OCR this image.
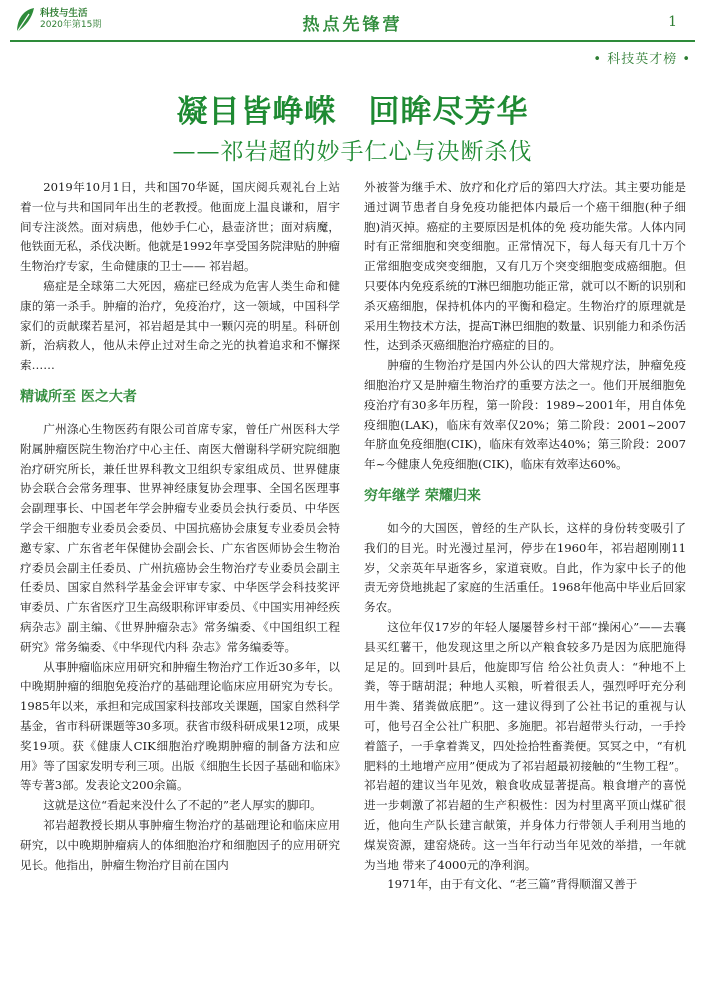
科技与生活
2020年第15期	热点先锋营	1
• 科技英才榜 •
凝目皆峥嵘　回眸尽芳华
——祁岩超的妙手仁心与决断杀伐

2019年10月1日，共和国70华诞，国庆阅兵观礼台上站着一位与共和国同年出生的老教授。他面庞上温良谦和，眉宇间专注淡然。面对病患，他妙手仁心，悬壶济世；面对病魔，他铁面无私，杀伐决断。他就是1992年享受国务院津贴的肿瘤生物治疗专家，生命健康的卫士—— 祁岩超。

癌症是全球第二大死因，癌症已经成为危害人类生命和健康的第一杀手。肿瘤的治疗，免疫治疗，这一领域，中国科学家们的贡献璨若星河，祁岩超是其中一颗闪亮的明星。科研创新，治病救人，他从未停止过对生命之光的执着追求和不懈探索……

精诚所至 医之大者

广州涤心生物医药有限公司首席专家，曾任广州医科大学附属肿瘤医院生物治疗中心主任、南医大僧谢科学研究院细胞治疗研究所长，兼任世界科教文卫组织专家组成员、世界健康协会联合会常务理事、世界神经康复协会理事、全国名医理事会副理事长、中国老年学会肿瘤专业委员会执行委员、中华医学会干细胞专业委员会委员、中国抗癌协会康复专业委员会特邀专家、广东省老年保健协会副会长、广东省医师协会生物治疗委员会副主任委员、广州抗癌协会生物治疗专业委员会副主任委员、国家自然科学基金会评审专家、中华医学会科技奖评审委员、广东省医疗卫生高级职称评审委员、《中国实用神经疾病杂志》副主编、《世界肿瘤杂志》常务编委、《中国组织工程研究》常务编委、《中华现代内科 杂志》常务编委等。

从事肿瘤临床应用研究和肿瘤生物治疗工作近30多年，以中晚期肿瘤的细胞免疫治疗的基础理论临床应用研究为专长。1985年以来，承担和完成国家科技部攻关课题，国家自然科学基金，省市科研课题等30多项。获省市级科研成果12项，成果奖19项。获《健康人CIK细胞治疗晚期肿瘤的制备方法和应用》等了国家发明专利三项。出版《细胞生长因子基础和临床》等专著3部。发表论文200余篇。

这就是这位“看起来没什么了不起的”老人厚实的脚印。

祁岩超教授长期从事肿瘤生物治疗的基础理论和临床应用研究，以中晚期肿瘤病人的体细胞治疗和细胞因子的应用研究见长。他指出，肿瘤生物治疗目前在国内

外被誉为继手术、放疗和化疗后的第四大疗法。其主要功能是通过调节患者自身免疫功能把体内最后一个癌干细胞(种子细胞)消灭掉。癌症的主要原因是机体的免 疫功能失常。人体内同时有正常细胞和突变细胞。正常情况下，每人每天有几十万个正常细胞变成突变细胞，又有几万个突变细胞变成癌细胞。但只要体内免疫系统的T淋巴细胞功能正常，就可以不断的识别和杀灭癌细胞，保持机体内的平衡和稳定。生物治疗的原理就是采用生物技术方法，提高T淋巴细胞的数量、识别能力和杀伤活性，达到杀灭癌细胞治疗癌症的目的。

肿瘤的生物治疗是国内外公认的四大常规疗法，肿瘤免疫细胞治疗又是肿瘤生物治疗的重要方法之一。他们开展细胞免疫治疗有30多年历程，第一阶段：1989~2001年，用自体免疫细胞(LAK)，临床有效率仅20%；第二阶段：2001~2007年脐血免疫细胞(CIK)，临床有效率达40%；第三阶段：2007年~今健康人免疫细胞(CIK)，临床有效率达60%。

穷年继学 荣耀归来

如今的大国医，曾经的生产队长，这样的身份转变吸引了我们的目光。时光漫过星河，停步在1960年，祁岩超刚刚11岁，父亲英年早逝客乡，家道衰败。自此，作为家中长子的他责无旁贷地挑起了家庭的生活重任。1968年他高中毕业后回家务农。

这位年仅17岁的年轻人屡屡替乡村干部“操闲心”——去襄县买红薯干，他发现这里之所以产粮食较多乃是因为底肥施得足足的。回到叶县后，他旋即写信 给公社负责人：“种地不上粪，等于瞎胡混；种地人买粮，听着很丢人，强烈呼吁充分利用牛粪、猪粪做底肥”。这一建议得到了公社书记的重视与认可，他号召全公社广积肥、多施肥。祁岩超带头行动，一手拎着篮子，一手拿着粪叉，四处捡拾牲畜粪便。冥冥之中，“有机肥料的土地增产应用”便成为了祁岩超最初接触的“生物工程”。祁岩超的建议当年见效，粮食收成显著提高。粮食增产的喜悦进一步刺激了祁岩超的生产积极性：因为村里离平顶山煤矿很近，他向生产队长建言献策，并身体力行带领人手利用当地的煤炭资源，建窑烧砖。这一当年行动当年见效的举措，一年就为当地 带来了4000元的净利润。

1971年，由于有文化、“老三篇”背得顺溜又善于
